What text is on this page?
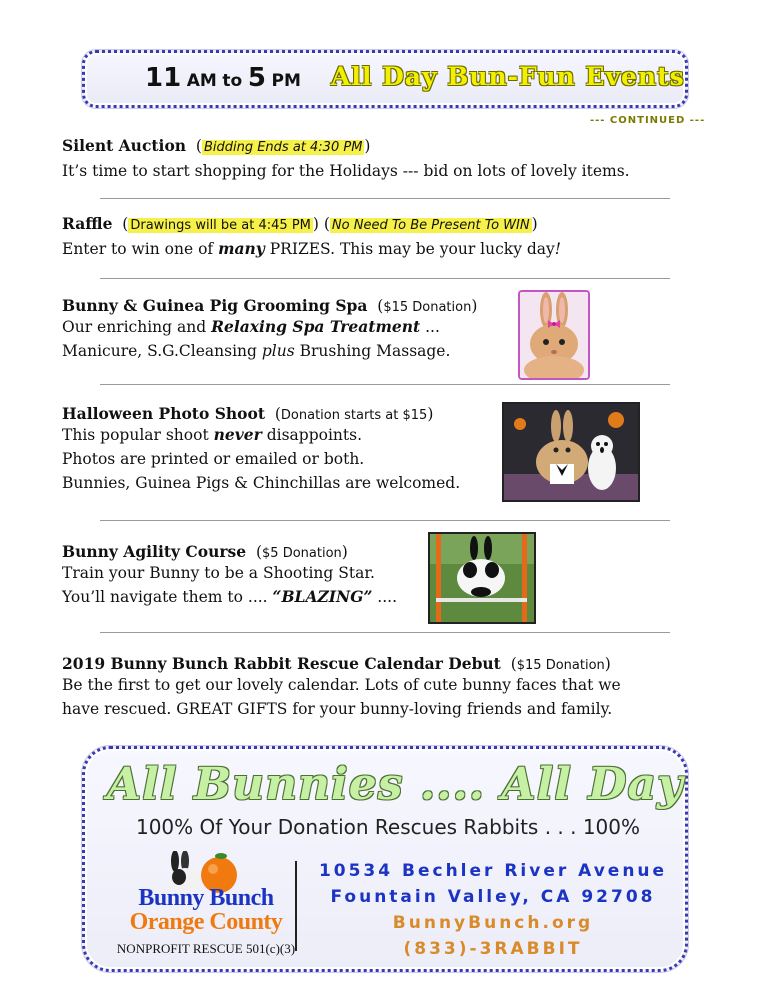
11 AM to 5 PM All Day Bun-Fun Events
--- CONTINUED ---
Silent Auction  ( Bidding Ends at 4:30 PM )
It’s time to start shopping for the Holidays --- bid on lots of lovely items.
Raffle  ( Drawings will be at 4:45 PM ) ( No Need To Be Present To WIN )
Enter to win one of many PRIZES. This may be your lucky day!
Bunny & Guinea Pig Grooming Spa  ($15 Donation)
Our enriching and Relaxing Spa Treatment ...
Manicure, S.G.Cleansing plus Brushing Massage.
Halloween Photo Shoot  (Donation starts at $15)
This popular shoot never disappoints.
Photos are printed or emailed or both.
Bunnies, Guinea Pigs & Chinchillas are welcomed.
Bunny Agility Course  ($5 Donation)
Train your Bunny to be a Shooting Star.
You’ll navigate them to .... “BLAZING” ....
2019 Bunny Bunch Rabbit Rescue Calendar Debut  ($15 Donation)
Be the first to get our lovely calendar. Lots of cute bunny faces that we
have rescued. GREAT GIFTS for your bunny-loving friends and family.
All Bunnies .... All Day
100% Of Your Donation Rescues Rabbits . . . 100%
Bunny Bunch
Orange County
NONPROFIT RESCUE 501(c)(3)
10534 Bechler River Avenue
Fountain Valley, CA 92708
BunnyBunch.org
(833)-3RABBIT
